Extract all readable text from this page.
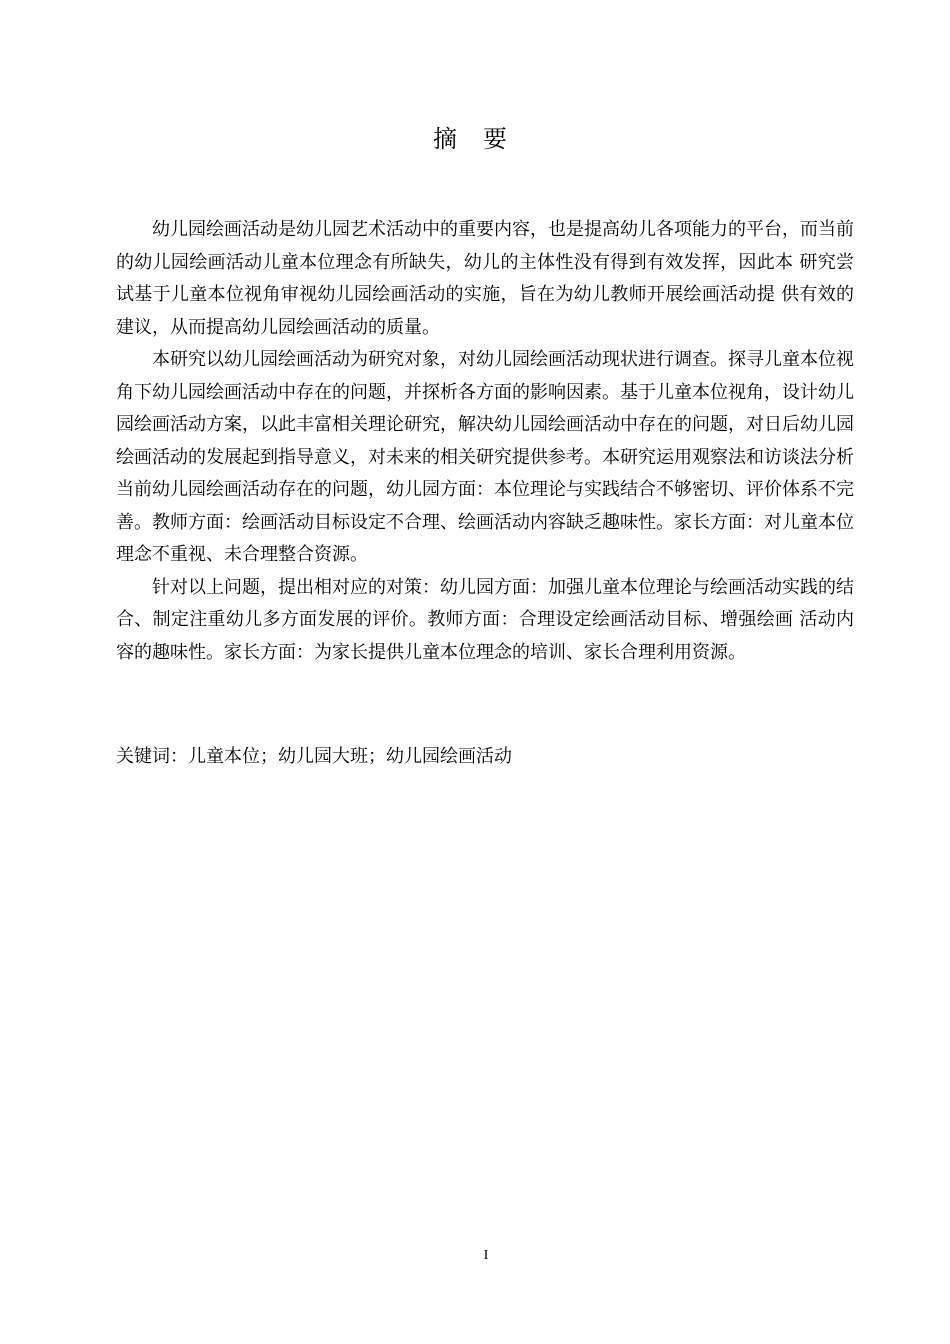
摘要

幼儿园绘画活动是幼儿园艺术活动中的重要内容，也是提高幼儿各项能力的平台，而当前的幼儿园绘画活动儿童本位理念有所缺失，幼儿的主体性没有得到有效发挥，因此本 研究尝试基于儿童本位视角审视幼儿园绘画活动的实施，旨在为幼儿教师开展绘画活动提 供有效的建议，从而提高幼儿园绘画活动的质量。

本研究以幼儿园绘画活动为研究对象，对幼儿园绘画活动现状进行调查。探寻儿童本位视角下幼儿园绘画活动中存在的问题，并探析各方面的影响因素。基于儿童本位视角，设计幼儿园绘画活动方案，以此丰富相关理论研究，解决幼儿园绘画活动中存在的问题，对日后幼儿园绘画活动的发展起到指导意义，对未来的相关研究提供参考。本研究运用观察法和访谈法分析当前幼儿园绘画活动存在的问题，幼儿园方面：本位理论与实践结合不够密切、评价体系不完善。教师方面：绘画活动目标设定不合理、绘画活动内容缺乏趣味性。家长方面：对儿童本位理念不重视、未合理整合资源。

针对以上问题，提出相对应的对策：幼儿园方面：加强儿童本位理论与绘画活动实践的结合、制定注重幼儿多方面发展的评价。教师方面：合理设定绘画活动目标、增强绘画 活动内容的趣味性。家长方面：为家长提供儿童本位理念的培训、家长合理利用资源。

关键词：儿童本位；幼儿园大班；幼儿园绘画活动
I
